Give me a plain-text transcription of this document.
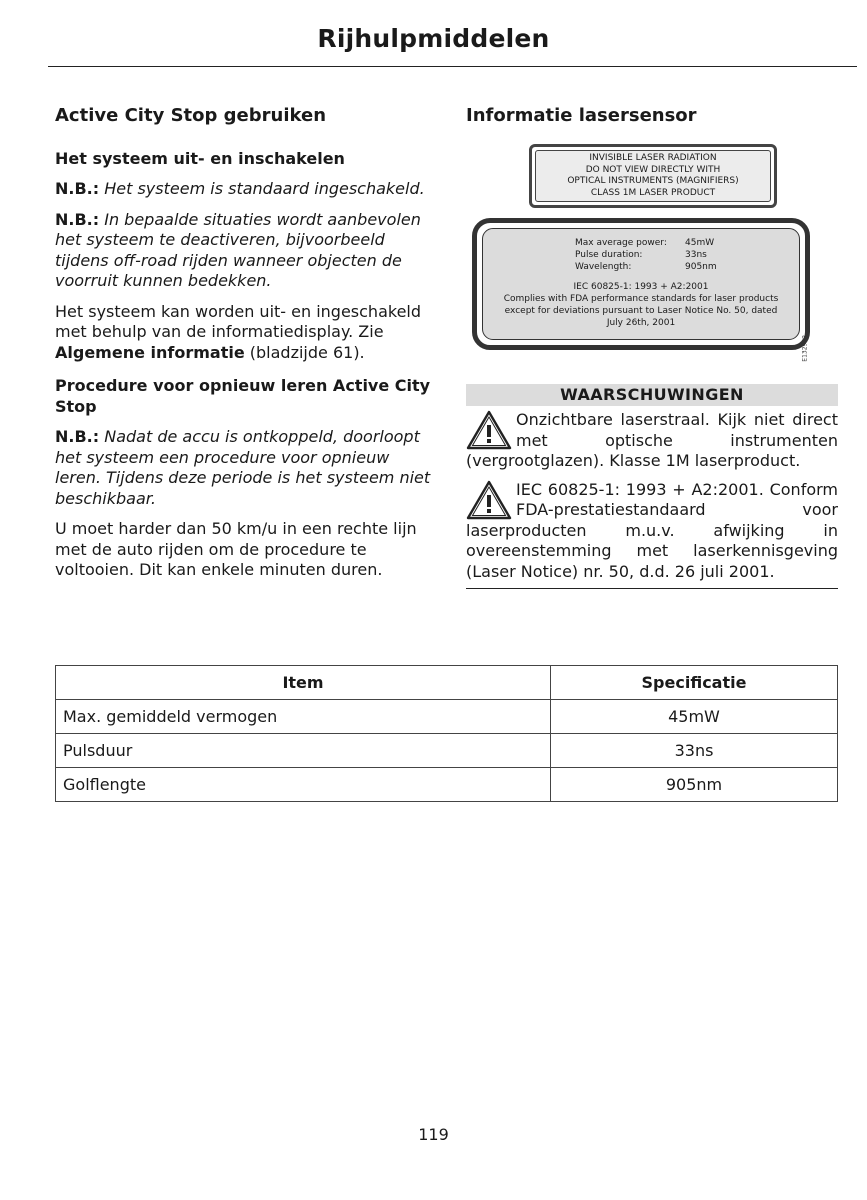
Rijhulpmiddelen
Active City Stop gebruiken
Het systeem uit- en inschakelen

N.B.: Het systeem is standaard ingeschakeld.

N.B.: In bepaalde situaties wordt aanbevolen het systeem te deactiveren, bijvoorbeeld tijdens off-road rijden wanneer objecten de voorruit kunnen bedekken.

Het systeem kan worden uit- en ingeschakeld met behulp van de informatiedisplay. Zie Algemene informatie (bladzijde 61).

Procedure voor opnieuw leren Active City Stop

N.B.: Nadat de accu is ontkoppeld, doorloopt het systeem een procedure voor opnieuw leren. Tijdens deze periode is het systeem niet beschikbaar.

U moet harder dan 50 km/u in een rechte lijn met de auto rijden om de procedure te voltooien. Dit kan enkele minuten duren.

Informatie lasersensor
INVISIBLE LASER RADIATION
DO NOT VIEW DIRECTLY WITH
OPTICAL INSTRUMENTS (MAGNIFIERS)
CLASS 1M LASER PRODUCT
Max average power:	45mW
Pulse duration:	33ns
Wavelength:	905nm
IEC 60825-1: 1993 + A2:2001
Complies with FDA performance standards for laser products
except for deviations pursuant to Laser Notice No. 50, dated
July 26th, 2001
E132932
WAARSCHUWINGEN
Onzichtbare laserstraal. Kijk niet direct met optische instrumenten (vergrootglazen). Klasse 1M laserproduct.
IEC 60825-1: 1993 + A2:2001. Conform FDA-prestatiestandaard voor laserproducten m.u.v. afwijking in overeenstemming met laserkennisgeving (Laser Notice) nr. 50, d.d. 26 juli 2001.
Item	Specificatie
Max. gemiddeld vermogen	45mW
Pulsduur	33ns
Golflengte	905nm
119
